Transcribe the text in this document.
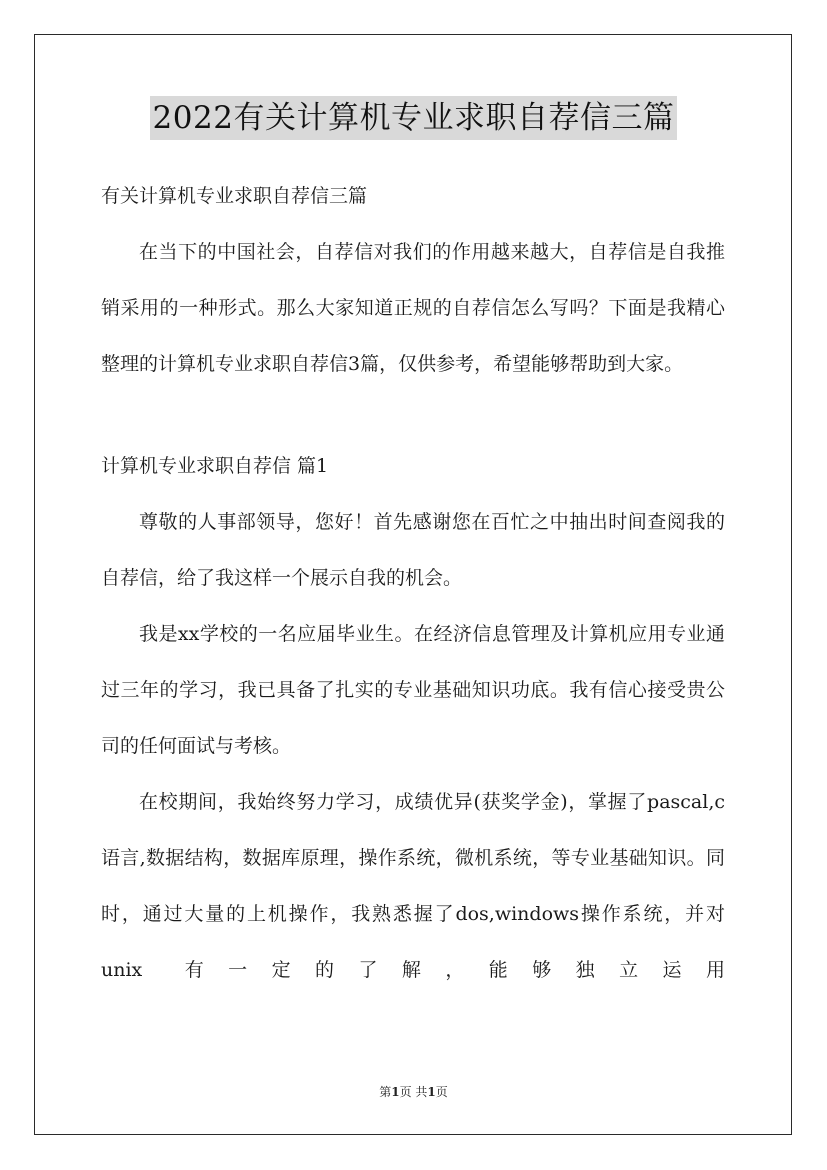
2022有关计算机专业求职自荐信三篇

有关计算机专业求职自荐信三篇

在当下的中国社会，自荐信对我们的作用越来越大，自荐信是自我推销采用的一种形式。那么大家知道正规的自荐信怎么写吗？下面是我精心整理的计算机专业求职自荐信3篇，仅供参考，希望能够帮助到大家。

计算机专业求职自荐信 篇1

尊敬的人事部领导，您好！首先感谢您在百忙之中抽出时间查阅我的自荐信，给了我这样一个展示自我的机会。

我是xx学校的一名应届毕业生。在经济信息管理及计算机应用专业通过三年的学习，我已具备了扎实的专业基础知识功底。我有信心接受贵公司的任何面试与考核。

在校期间，我始终努力学习，成绩优异(获奖学金)，掌握了pascal,c语言,数据结构，数据库原理，操作系统，微机系统，等专业基础知识。同时，通过大量的上机操作，我熟悉握了dos,windows操作系统，并对 unix 有一定的了解，能够独立运用

第1页 共1页
